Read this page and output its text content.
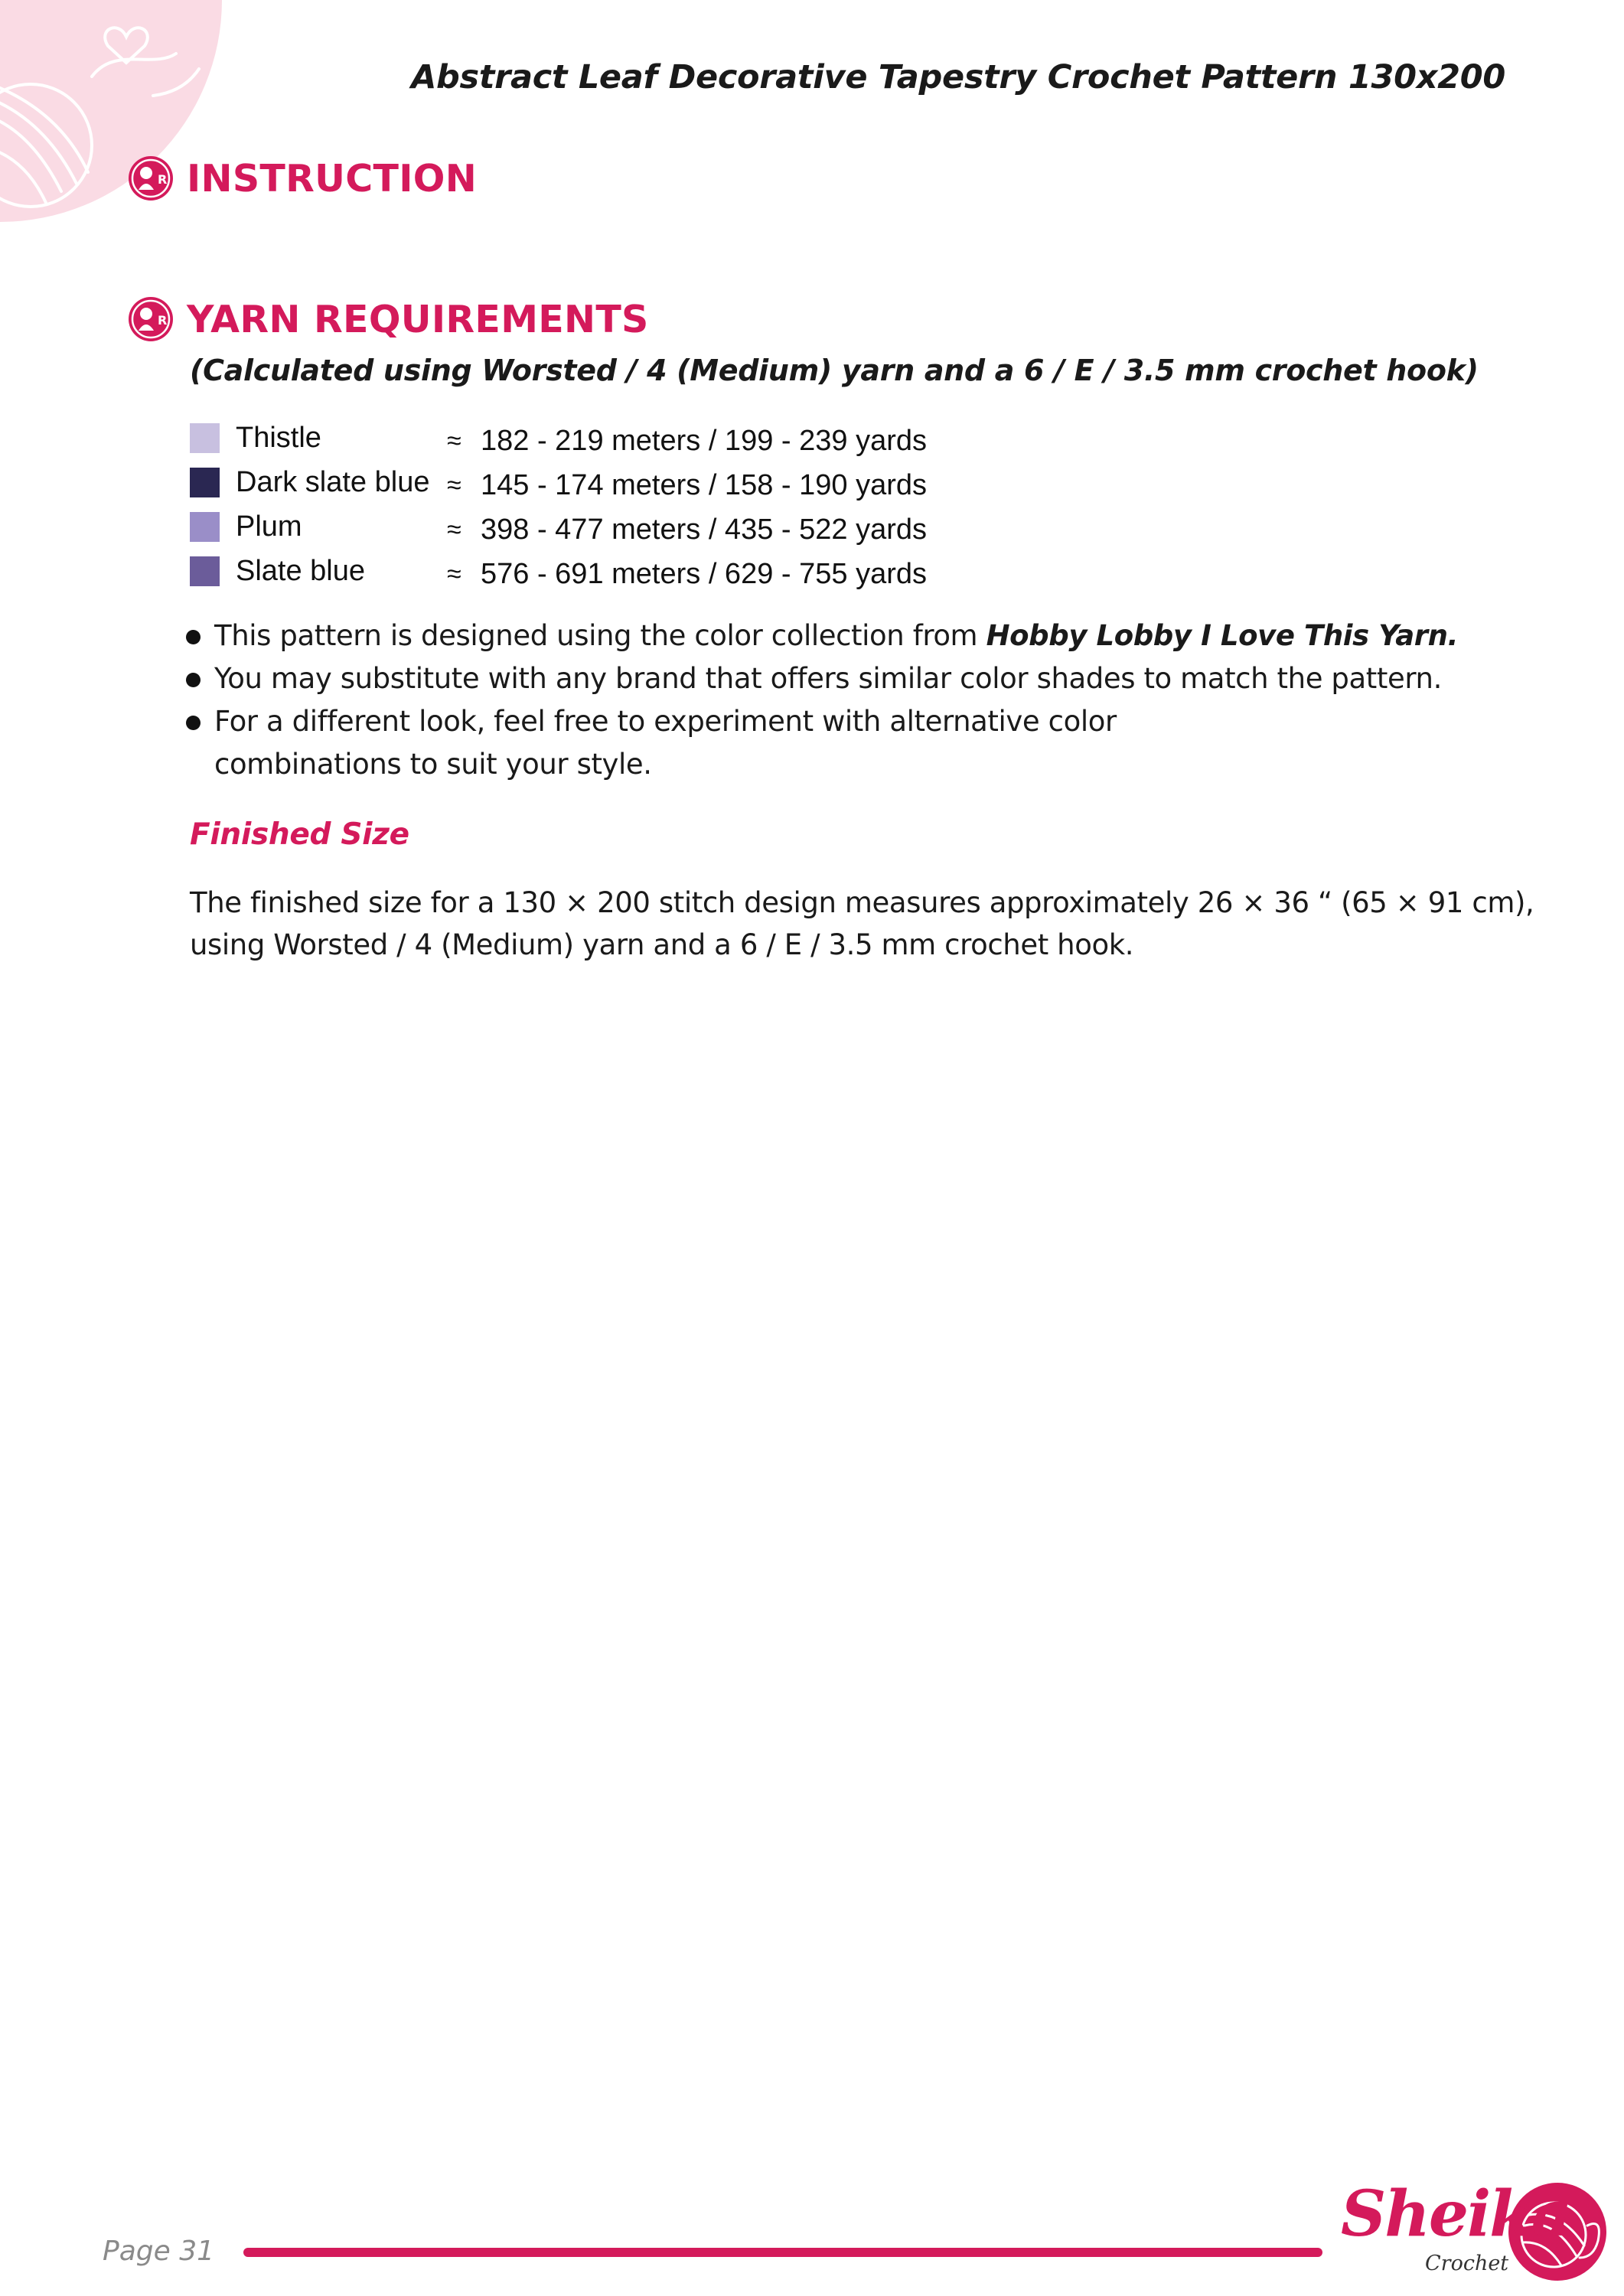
Abstract Leaf Decorative Tapestry Crochet Pattern 130x200
R INSTRUCTION
R YARN REQUIREMENTS
(Calculated using Worsted / 4 (Medium) yarn and a 6 / E / 3.5 mm crochet hook)
Thistle	≈ 182 - 219 meters / 199 - 239 yards
Dark slate blue ≈ 145 - 174 meters / 158 - 190 yards
Plum	≈ 398 - 477 meters / 435 - 522 yards
Slate blue	≈ 576 - 691 meters / 629 - 755 yards
This pattern is designed using the color collection from Hobby Lobby I Love This Yarn.
You may substitute with any brand that offers similar color shades to match the pattern.
For a different look, feel free to experiment with alternative color combinations to suit your style.
Finished Size
The finished size for a 130 × 200 stitch design measures approximately 26 × 36 “ (65 × 91 cm), using Worsted / 4 (Medium) yarn and a 6 / E / 3.5 mm crochet hook.
Page 31
Sheika
Crochet
